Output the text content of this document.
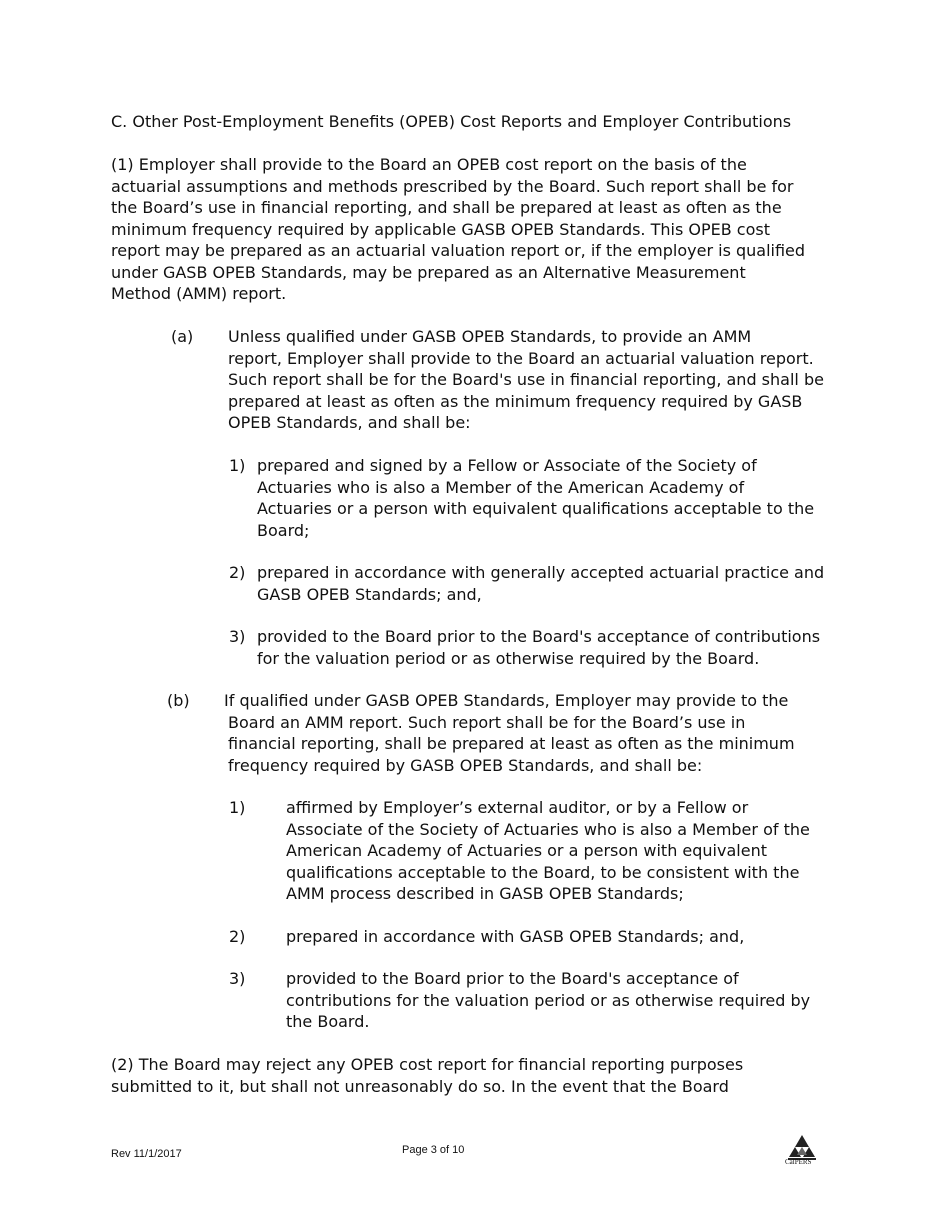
C. Other Post-Employment Benefits (OPEB) Cost Reports and Employer Contributions

(1) Employer shall provide to the Board an OPEB cost report on the basis of the
actuarial assumptions and methods prescribed by the Board. Such report shall be for
the Board’s use in financial reporting, and shall be prepared at least as often as the
minimum frequency required by applicable GASB OPEB Standards. This OPEB cost
report may be prepared as an actuarial valuation report or, if the employer is qualified
under GASB OPEB Standards, may be prepared as an Alternative Measurement
Method (AMM) report.

(a) Unless qualified under GASB OPEB Standards, to provide an AMM
report, Employer shall provide to the Board an actuarial valuation report.
Such report shall be for the Board's use in financial reporting, and shall be
prepared at least as often as the minimum frequency required by GASB
OPEB Standards, and shall be:

1) prepared and signed by a Fellow or Associate of the Society of
Actuaries who is also a Member of the American Academy of
Actuaries or a person with equivalent qualifications acceptable to the
Board;

2) prepared in accordance with generally accepted actuarial practice and
GASB OPEB Standards; and,

3) provided to the Board prior to the Board's acceptance of contributions
for the valuation period or as otherwise required by the Board.

(b) If qualified under GASB OPEB Standards, Employer may provide to the
Board an AMM report. Such report shall be for the Board’s use in
financial reporting, shall be prepared at least as often as the minimum
frequency required by GASB OPEB Standards, and shall be:

1)	affirmed by Employer’s external auditor, or by a Fellow or
Associate of the Society of Actuaries who is also a Member of the
American Academy of Actuaries or a person with equivalent
qualifications acceptable to the Board, to be consistent with the
AMM process described in GASB OPEB Standards;

2)	prepared in accordance with GASB OPEB Standards; and,

3)	provided to the Board prior to the Board's acceptance of
contributions for the valuation period or as otherwise required by
the Board.
(2) The Board may reject any OPEB cost report for financial reporting purposes
submitted to it, but shall not unreasonably do so. In the event that the Board
Rev 11/1/2017	Page 3 of 10
CalPERS
